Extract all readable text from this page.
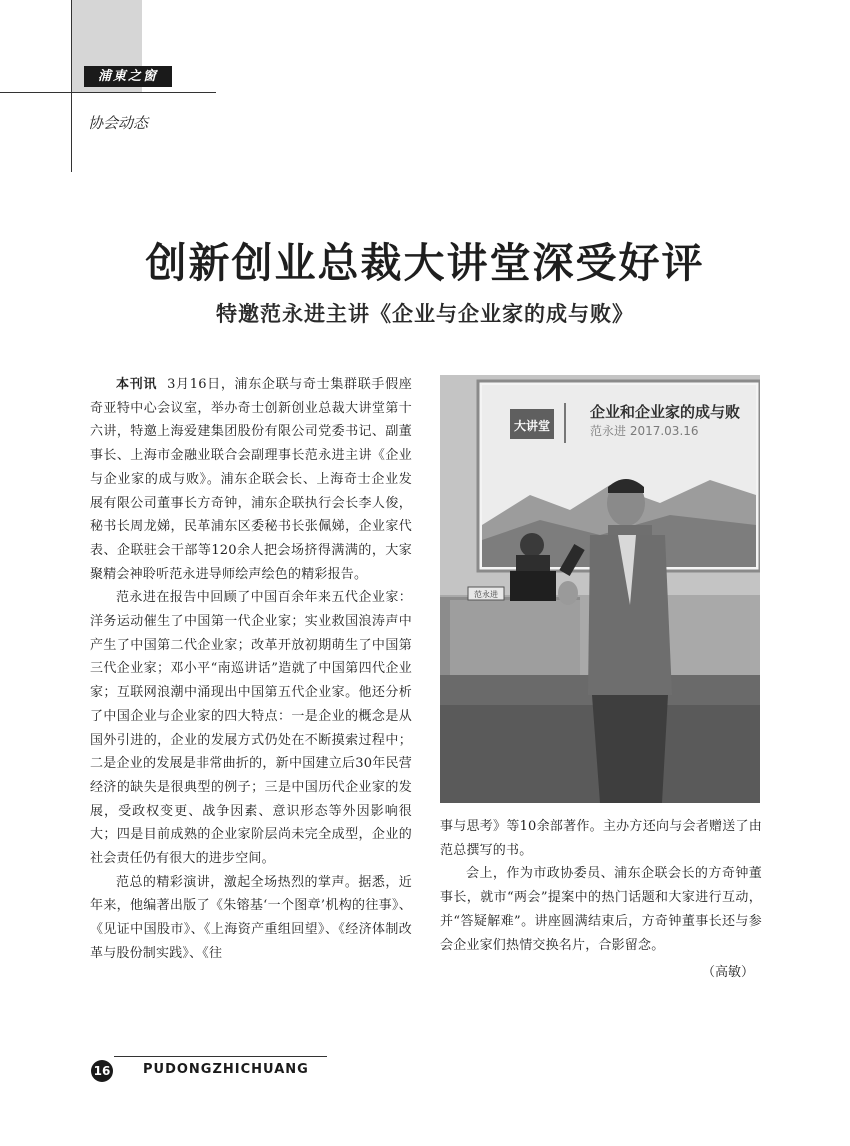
浦東之窗
协会动态
创新创业总裁大讲堂深受好评
特邀范永进主讲《企业与企业家的成与败》

本刊讯 3月16日，浦东企联与奇士集群联手假座奇亚特中心会议室，举办奇士创新创业总裁大讲堂第十六讲，特邀上海爱建集团股份有限公司党委书记、副董事长、上海市金融业联合会副理事长范永进主讲《企业与企业家的成与败》。浦东企联会长、上海奇士企业发展有限公司董事长方奇钟，浦东企联执行会长李人俊，秘书长周龙娣，民革浦东区委秘书长张佩娣，企业家代表、企联驻会干部等120余人把会场挤得满满的，大家聚精会神聆听范永进导师绘声绘色的精彩报告。

范永进在报告中回顾了中国百余年来五代企业家：洋务运动催生了中国第一代企业家；实业救国浪涛声中产生了中国第二代企业家；改革开放初期萌生了中国第三代企业家；邓小平“南巡讲话”造就了中国第四代企业家；互联网浪潮中涌现出中国第五代企业家。他还分析了中国企业与企业家的四大特点：一是企业的概念是从国外引进的，企业的发展方式仍处在不断摸索过程中；二是企业的发展是非常曲折的，新中国建立后30年民营经济的缺失是很典型的例子；三是中国历代企业家的发展，受政权变更、战争因素、意识形态等外因影响很大；四是目前成熟的企业家阶层尚未完全成型，企业的社会责任仍有很大的进步空间。

范总的精彩演讲，激起全场热烈的掌声。据悉，近年来，他编著出版了《朱镕基‘一个图章’机构的往事》、《见证中国股市》、《上海资产重组回望》、《经济体制改革与股份制实践》、《往

大讲堂
企业和企业家的成与败
范永进 2017.03.16
范永进

事与思考》等10余部著作。主办方还向与会者赠送了由范总撰写的书。

会上，作为市政协委员、浦东企联会长的方奇钟董事长，就市“两会”提案中的热门话题和大家进行互动，并“答疑解难”。讲座圆满结束后，方奇钟董事长还与参会企业家们热情交换名片，合影留念。

（高敏）
16	PUDONGZHICHUANG
